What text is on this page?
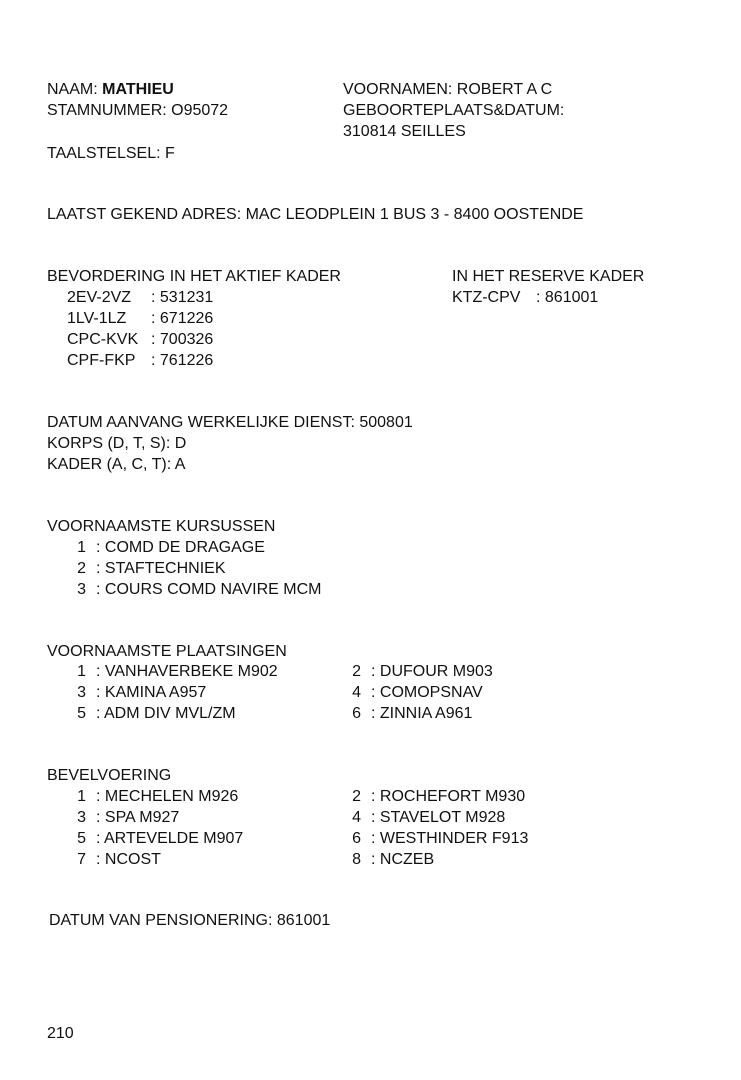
NAAM: MATHIEU
STAMNUMMER: O95072
TAALSTELSEL: F
VOORNAMEN: ROBERT A C
GEBOORTEPLAATS&DATUM:
310814 SEILLES
LAATST GEKEND ADRES: MAC LEODPLEIN 1 BUS 3 - 8400 OOSTENDE
BEVORDERING IN HET AKTIEF KADER
2EV-2VZ	: 531231
1LV-1LZ	: 671226
CPC-KVK : 700326
CPF-FKP : 761226
IN HET RESERVE KADER
KTZ-CPV : 861001
DATUM AANVANG WERKELIJKE DIENST: 500801
KORPS (D, T, S): D
KADER (A, C, T): A
VOORNAAMSTE KURSUSSEN
1 : COMD DE DRAGAGE
2 : STAFTECHNIEK
3 : COURS COMD NAVIRE MCM
VOORNAAMSTE PLAATSINGEN
1 : VANHAVERBEKE M902
3 : KAMINA A957
5 : ADM DIV MVL/ZM
2 : DUFOUR M903
4 : COMOPSNAV
6 : ZINNIA A961
BEVELVOERING
1 : MECHELEN M926
3 : SPA M927
5 : ARTEVELDE M907
7 : NCOST
2 : ROCHEFORT M930
4 : STAVELOT M928
6 : WESTHINDER F913
8 : NCZEB
DATUM VAN PENSIONERING: 861001
210
